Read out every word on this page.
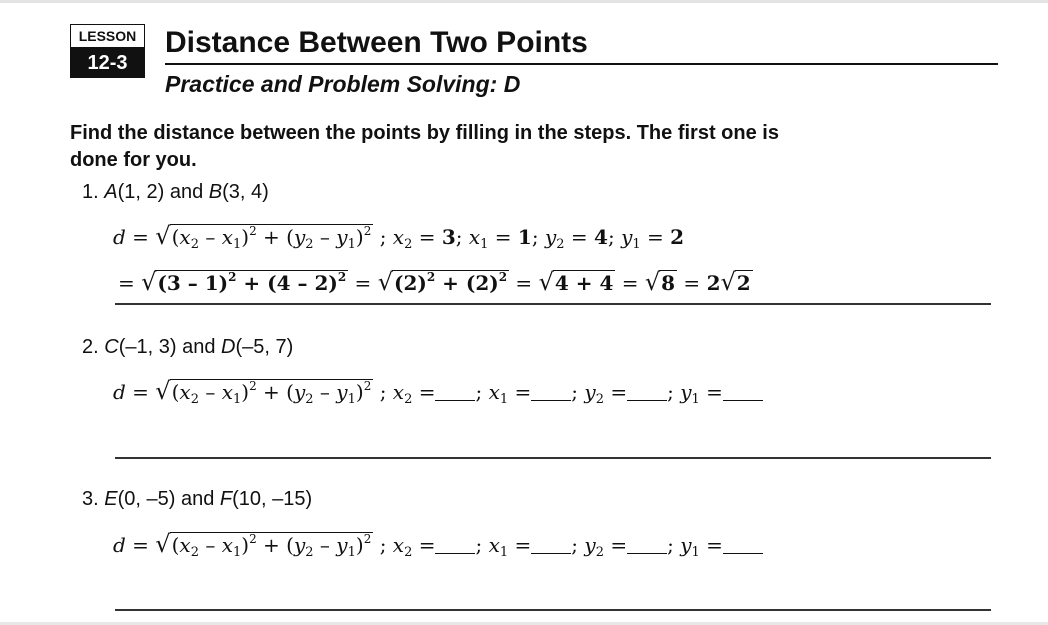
LESSON
12-3
Distance Between Two Points
Practice and Problem Solving: D
Find the distance between the points by filling in the steps. The first one is done for you.
1. A(1, 2) and B(3, 4)
d = √ $(x_2 - x_1)^2 + (y_2 - y_1)^2$ ; $x_2 = 3$; $x_1 = 1$; $y_2 = 4$; $y_1 = 2$
= √ (3 – 1)$^2$ + (4 – 2)$^2$ = √ $(2)^2 + (2)^2$ = √ 4 + 4 = √ 8 = 2 √ 2
2. C(–1, 3) and D(–5, 7)
d = √ $(x_2 - x_1)^2 + (y_2 - y_1)^2$ ; $x_2$ = ; $x_1$ = ; $y_2$ = ; $y_1$ =
3. E(0, –5) and F(10, –15)
d = √ $(x_2 - x_1)^2 + (y_2 - y_1)^2$ ; $x_2$ = ; $x_1$ = ; $y_2$ = ; $y_1$ =
